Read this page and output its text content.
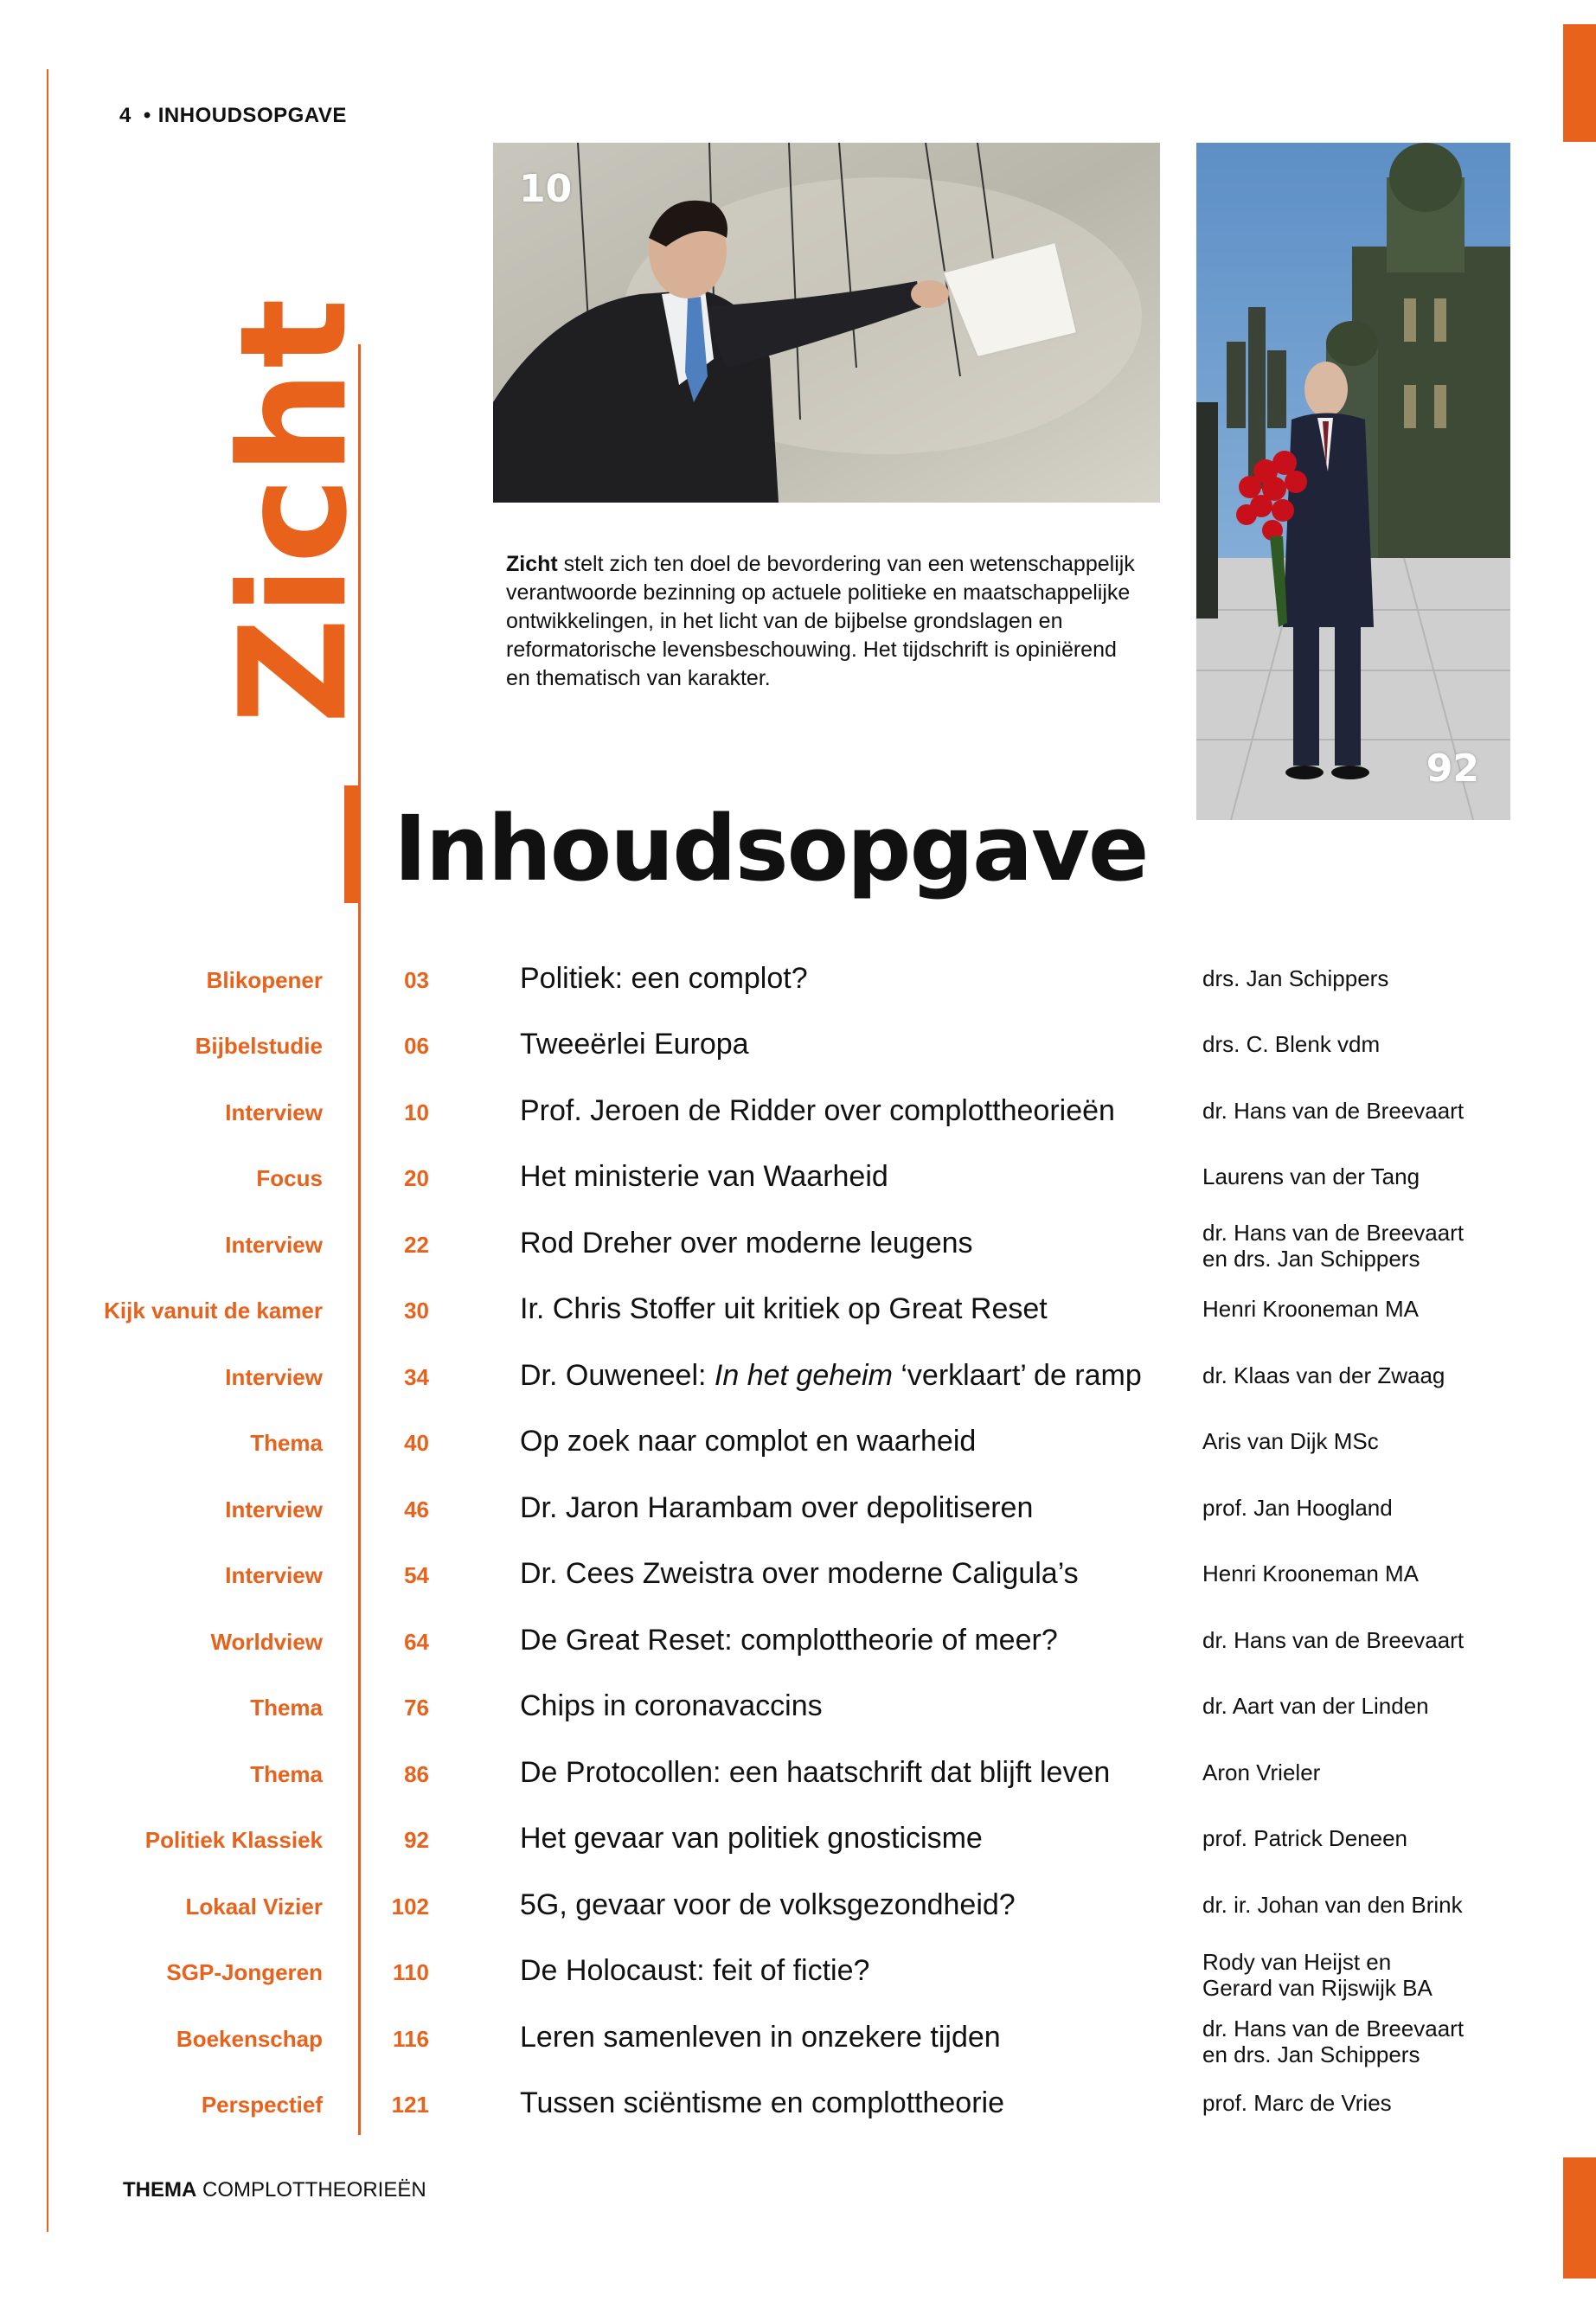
4 • INHOUDSOPGAVE
Zicht
10
92
Zicht stelt zich ten doel de bevordering van een wetenschappelijk verantwoorde bezinning op actuele politieke en maatschappelijke ontwikkelingen, in het licht van de bijbelse grondslagen en reformatorische levensbeschouwing. Het tijdschrift is opiniërend en thematisch van karakter.
Inhoudsopgave
Blikopener	03	Politiek: een complot?	drs. Jan Schippers
Bijbelstudie	06	Tweeërlei Europa	drs. C. Blenk vdm
Interview	10	Prof. Jeroen de Ridder over complottheorieën	dr. Hans van de Breevaart
Focus	20	Het ministerie van Waarheid	Laurens van der Tang
Interview	22	Rod Dreher over moderne leugens	dr. Hans van de Breevaart
en drs. Jan Schippers
Kijk vanuit de kamer	30	Ir. Chris Stoffer uit kritiek op Great Reset	Henri Krooneman MA
Interview	34	Dr. Ouweneel: In het geheim ‘verklaart’ de ramp	dr. Klaas van der Zwaag
Thema	40	Op zoek naar complot en waarheid	Aris van Dijk MSc
Interview	46	Dr. Jaron Harambam over depolitiseren	prof. Jan Hoogland
Interview	54	Dr. Cees Zweistra over moderne Caligula’s	Henri Krooneman MA
Worldview	64	De Great Reset: complottheorie of meer?	dr. Hans van de Breevaart
Thema	76	Chips in coronavaccins	dr. Aart van der Linden
Thema	86	De Protocollen: een haatschrift dat blijft leven	Aron Vrieler
Politiek Klassiek	92	Het gevaar van politiek gnosticisme	prof. Patrick Deneen
Lokaal Vizier	102	5G, gevaar voor de volksgezondheid?	dr. ir. Johan van den Brink
SGP-Jongeren	110	De Holocaust: feit of fictie?	Rody van Heijst en
Gerard van Rijswijk BA
Boekenschap	116	Leren samenleven in onzekere tijden	dr. Hans van de Breevaart
en drs. Jan Schippers
Perspectief	121	Tussen sciëntisme en complottheorie	prof. Marc de Vries
THEMA COMPLOTTHEORIEËN
